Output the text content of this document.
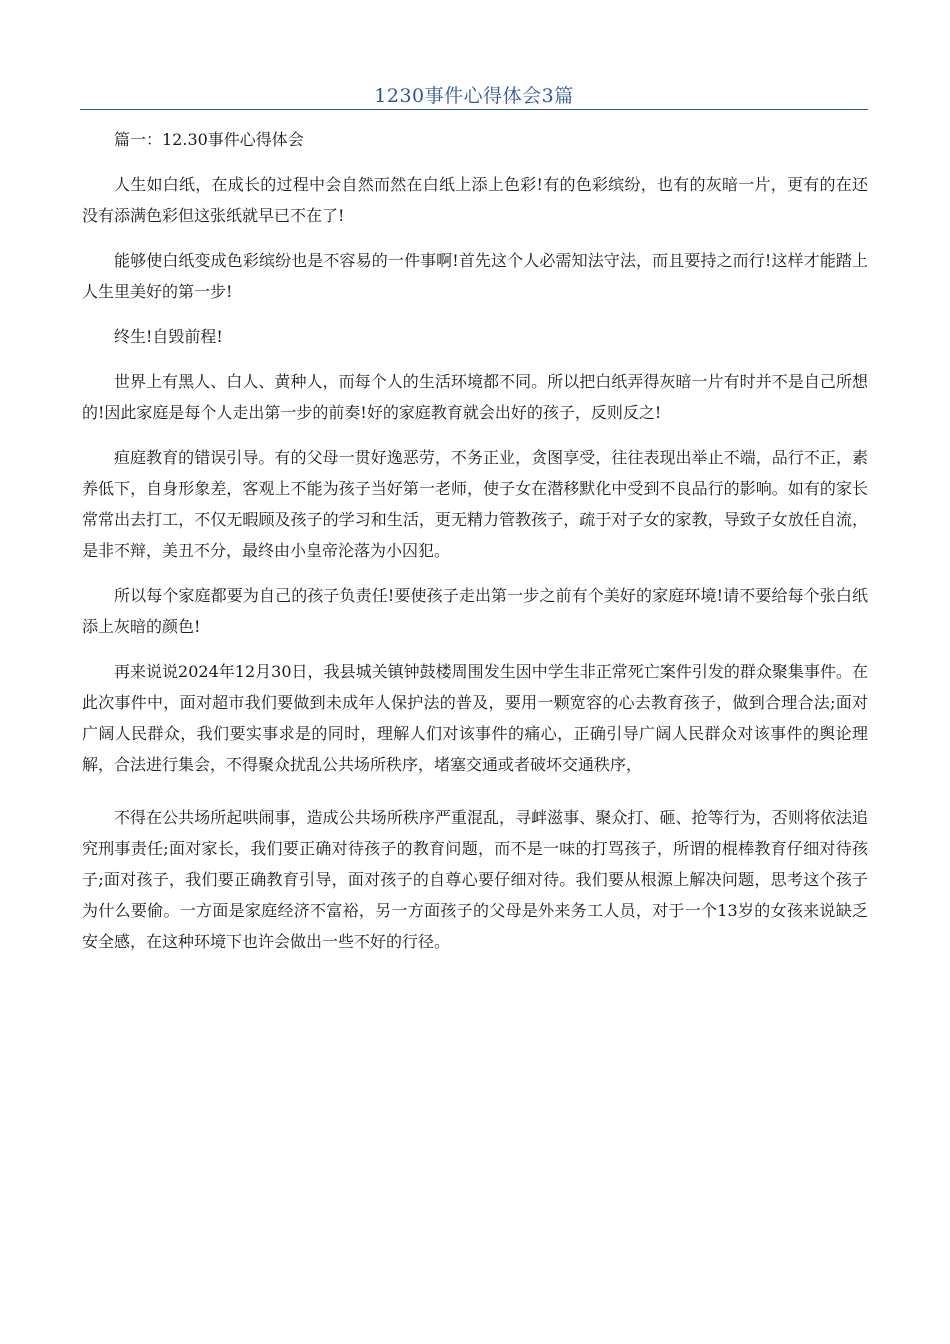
1230事件心得体会3篇

篇一：12.30事件心得体会

人生如白纸，在成长的过程中会自然而然在白纸上添上色彩!有的色彩缤纷，也有的灰暗一片，更有的在还没有添满色彩但这张纸就早已不在了!

能够使白纸变成色彩缤纷也是不容易的一件事啊!首先这个人必需知法守法，而且要持之而行!这样才能踏上人生里美好的第一步!

终生!自毁前程!

世界上有黑人、白人、黄种人，而每个人的生活环境都不同。所以把白纸弄得灰暗一片有时并不是自己所想的!因此家庭是每个人走出第一步的前奏!好的家庭教育就会出好的孩子，反则反之!

疸庭教育的错误引导。有的父母一贯好逸恶劳，不务正业，贪图享受，往往表现出举止不端，品行不正，素养低下，自身形象差，客观上不能为孩子当好第一老师，使子女在潜移默化中受到不良品行的影响。如有的家长常常出去打工，不仅无暇顾及孩子的学习和生活，更无精力管教孩子，疏于对子女的家教，导致子女放任自流，是非不辩，美丑不分，最终由小皇帝沦落为小囚犯。

所以每个家庭都要为自己的孩子负责任!要使孩子走出第一步之前有个美好的家庭环境!请不要给每个张白纸添上灰暗的颜色!

再来说说2024年12月30日，我县城关镇钟鼓楼周围发生因中学生非正常死亡案件引发的群众聚集事件。在此次事件中，面对超市我们要做到未成年人保护法的普及，要用一颗宽容的心去教育孩子，做到合理合法;面对广阔人民群众，我们要实事求是的同时，理解人们对该事件的痛心，正确引导广阔人民群众对该事件的舆论理解，合法进行集会，不得聚众扰乱公共场所秩序，堵塞交通或者破坏交通秩序，

不得在公共场所起哄闹事，造成公共场所秩序严重混乱，寻衅滋事、聚众打、砸、抢等行为，否则将依法追究刑事责任;面对家长，我们要正确对待孩子的教育问题，而不是一味的打骂孩子，所谓的棍棒教育仔细对待孩子;面对孩子，我们要正确教育引导，面对孩子的自尊心要仔细对待。我们要从根源上解决问题，思考这个孩子为什么要偷。一方面是家庭经济不富裕，另一方面孩子的父母是外来务工人员，对于一个13岁的女孩来说缺乏安全感，在这种环境下也许会做出一些不好的行径。
